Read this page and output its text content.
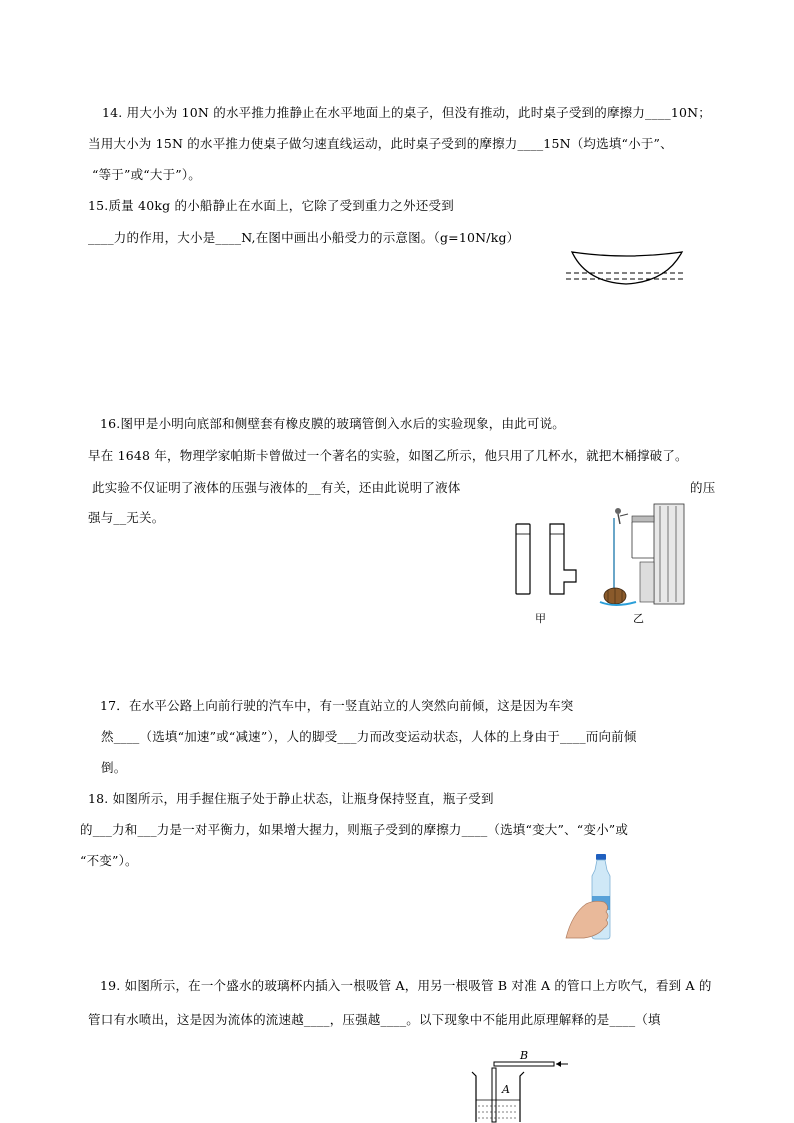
14. 用大小为 10N 的水平推力推静止在水平地面上的桌子，但没有推动，此时桌子受到的摩擦力____10N；
当用大小为 15N 的水平推力使桌子做匀速直线运动，此时桌子受到的摩擦力____15N（均选填“小于”、
“等于”或“大于”）。
15.质量 40kg 的小船静止在水面上，它除了受到重力之外还受到
____力的作用，大小是____N,在图中画出小船受力的示意图。（g=10N/kg）
16.图甲是小明向底部和侧壁套有橡皮膜的玻璃管倒入水后的实验现象，由此可说。
早在 1648 年，物理学家帕斯卡曾做过一个著名的实验，如图乙所示，他只用了几杯水，就把木桶撑破了。
此实验不仅证明了液体的压强与液体的__有关，还由此说明了液体	的压
强与__无关。
甲	乙
17．在水平公路上向前行驶的汽车中，有一竖直站立的人突然向前倾，这是因为车突
然____（选填“加速”或“减速”），人的脚受___力而改变运动状态，人体的上身由于____而向前倾
倒。
18. 如图所示，用手握住瓶子处于静止状态，让瓶身保持竖直，瓶子受到
的___力和___力是一对平衡力，如果增大握力，则瓶子受到的摩擦力____（选填“变大”、“变小”或
“不变”）。
19. 如图所示，在一个盛水的玻璃杯内插入一根吸管 A，用另一根吸管 B 对准 A 的管口上方吹气，看到 A 的
管口有水喷出，这是因为流体的流速越____，压强越____。以下现象中不能用此原理解释的是____（填
B
A
